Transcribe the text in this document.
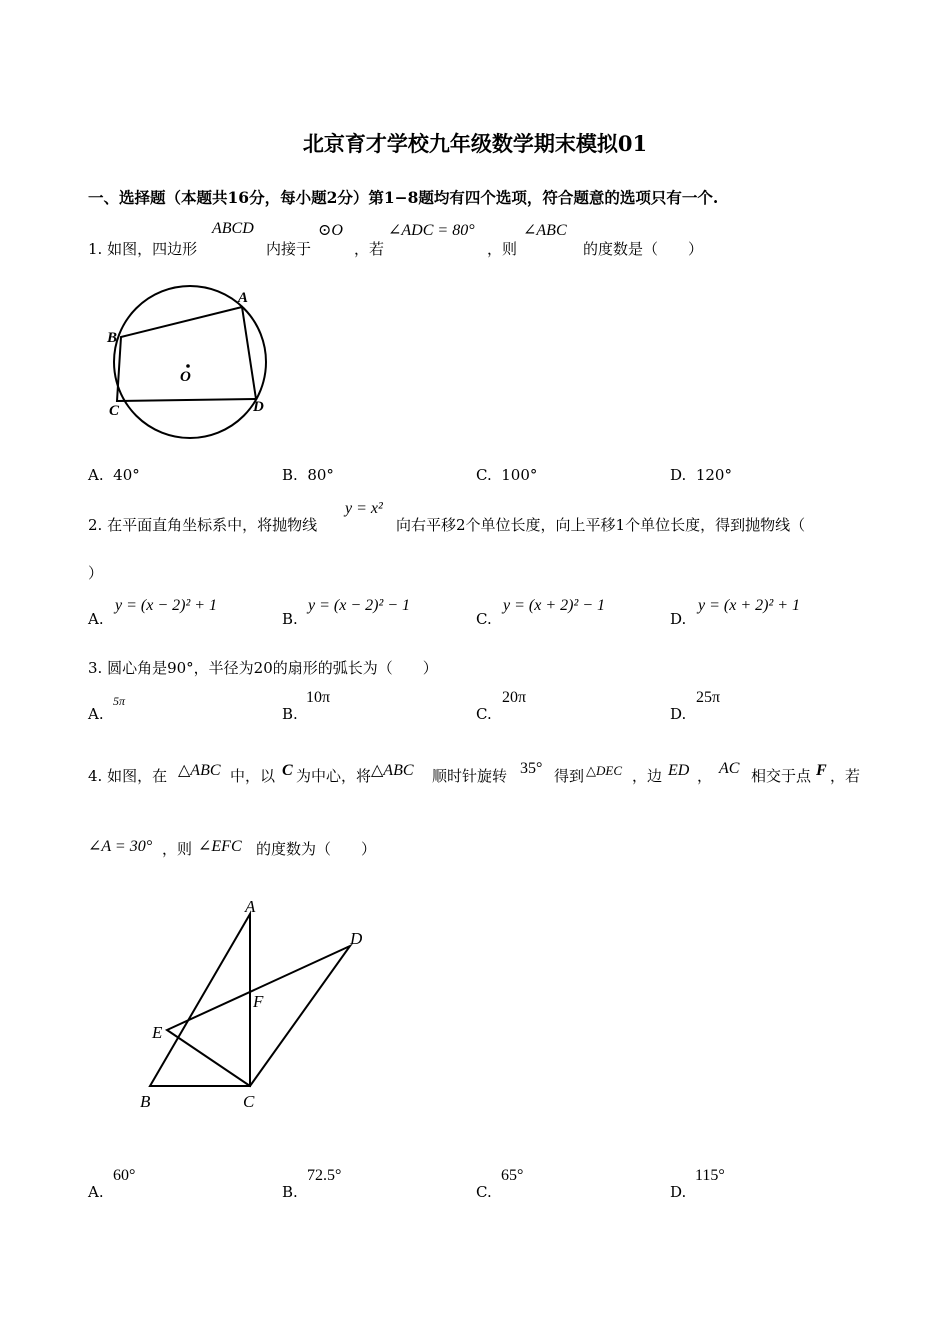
北京育才学校九年级数学期末模拟01
一、选择题（本题共16分，每小题2分）第1−8题均有四个选项，符合题意的选项只有一个.
1. 如图，四边形
ABCD
内接于
⊙O
，若
∠ADC = 80°
，则
∠ABC
的度数是（　　）
A
B
C	D
O
A. 40°	B. 80°	C. 100°	D. 120°
2. 在平面直角坐标系中，将抛物线
y = x²
向右平移2个单位长度，向上平移1个单位长度，得到抛物线（
）
A.
y = (x − 2)² + 1
B.
y = (x − 2)² − 1
C.
y = (x + 2)² − 1
D.
y = (x + 2)² + 1
3. 圆心角是90°，半径为20的扇形的弧长为（　　）
A.
5π
B.
10π
C.
20π
D.
25π
4. 如图，在 △ABC 中，以 C 为中心，将 △ABC 顺时针旋转 35° 得到 △DEC ，边 ED ， AC 相交于点 F ，若
∠A = 30° ，则 ∠EFC 的度数为（　　）
A
B	C
D
E
F
A.
60°
B.
72.5°
C.
65°
D.
115°
